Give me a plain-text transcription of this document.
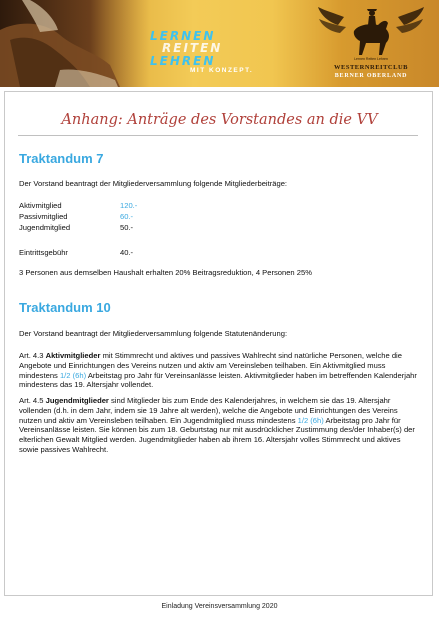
LERNEN
REITEN
LEHREN
MIT KONZEPT.
Lernen Reiten Lehren
WESTERNREITCLUB
BERNER OBERLAND
Anhang: Anträge des Vorstandes an die VV
Traktandum 7
Der Vorstand beantragt der Mitgliederversammlung folgende Mitgliederbeiträge:
Aktivmitglied	120.-
Passivmitglied	60.-
Jugendmitglied	50.-
Eintrittsgebühr	40.-
3 Personen aus demselben Haushalt erhalten 20% Beitragsreduktion, 4 Personen 25%
Traktandum 10
Der Vorstand beantragt der Mitgliederversammlung folgende Statutenänderung:
Art. 4.3 Aktivmitglieder mit Stimmrecht und aktives und passives Wahlrecht sind natürliche Personen, welche die Angebote und Einrichtungen des Vereins nutzen und aktiv am Vereinsleben teilhaben. Ein Aktivmitglied muss mindestens 1/2 (6h) Arbeitstag pro Jahr für Vereinsanlässe leisten. Aktivmitglieder haben im betreffenden Kalenderjahr mindestens das 19. Altersjahr vollendet.
Art. 4.5 Jugendmitglieder sind Mitglieder bis zum Ende des Kalenderjahres, in welchem sie das 19. Altersjahr vollenden (d.h. in dem Jahr, indem sie 19 Jahre alt werden), welche die Angebote und Einrichtungen des Vereins nutzen und aktiv am Vereinsleben teilhaben. Ein Jugendmitglied muss mindestens 1/2 (6h) Arbeitstag pro Jahr für Vereinsanlässe leisten. Sie können bis zum 18. Geburtstag nur mit ausdrücklicher Zustimmung des/der Inhaber(s) der elterlichen Gewalt Mitglied werden. Jugendmitglieder haben ab ihrem 16. Altersjahr volles Stimmrecht und aktives sowie passives Wahlrecht.
Einladung Vereinsversammlung 2020
